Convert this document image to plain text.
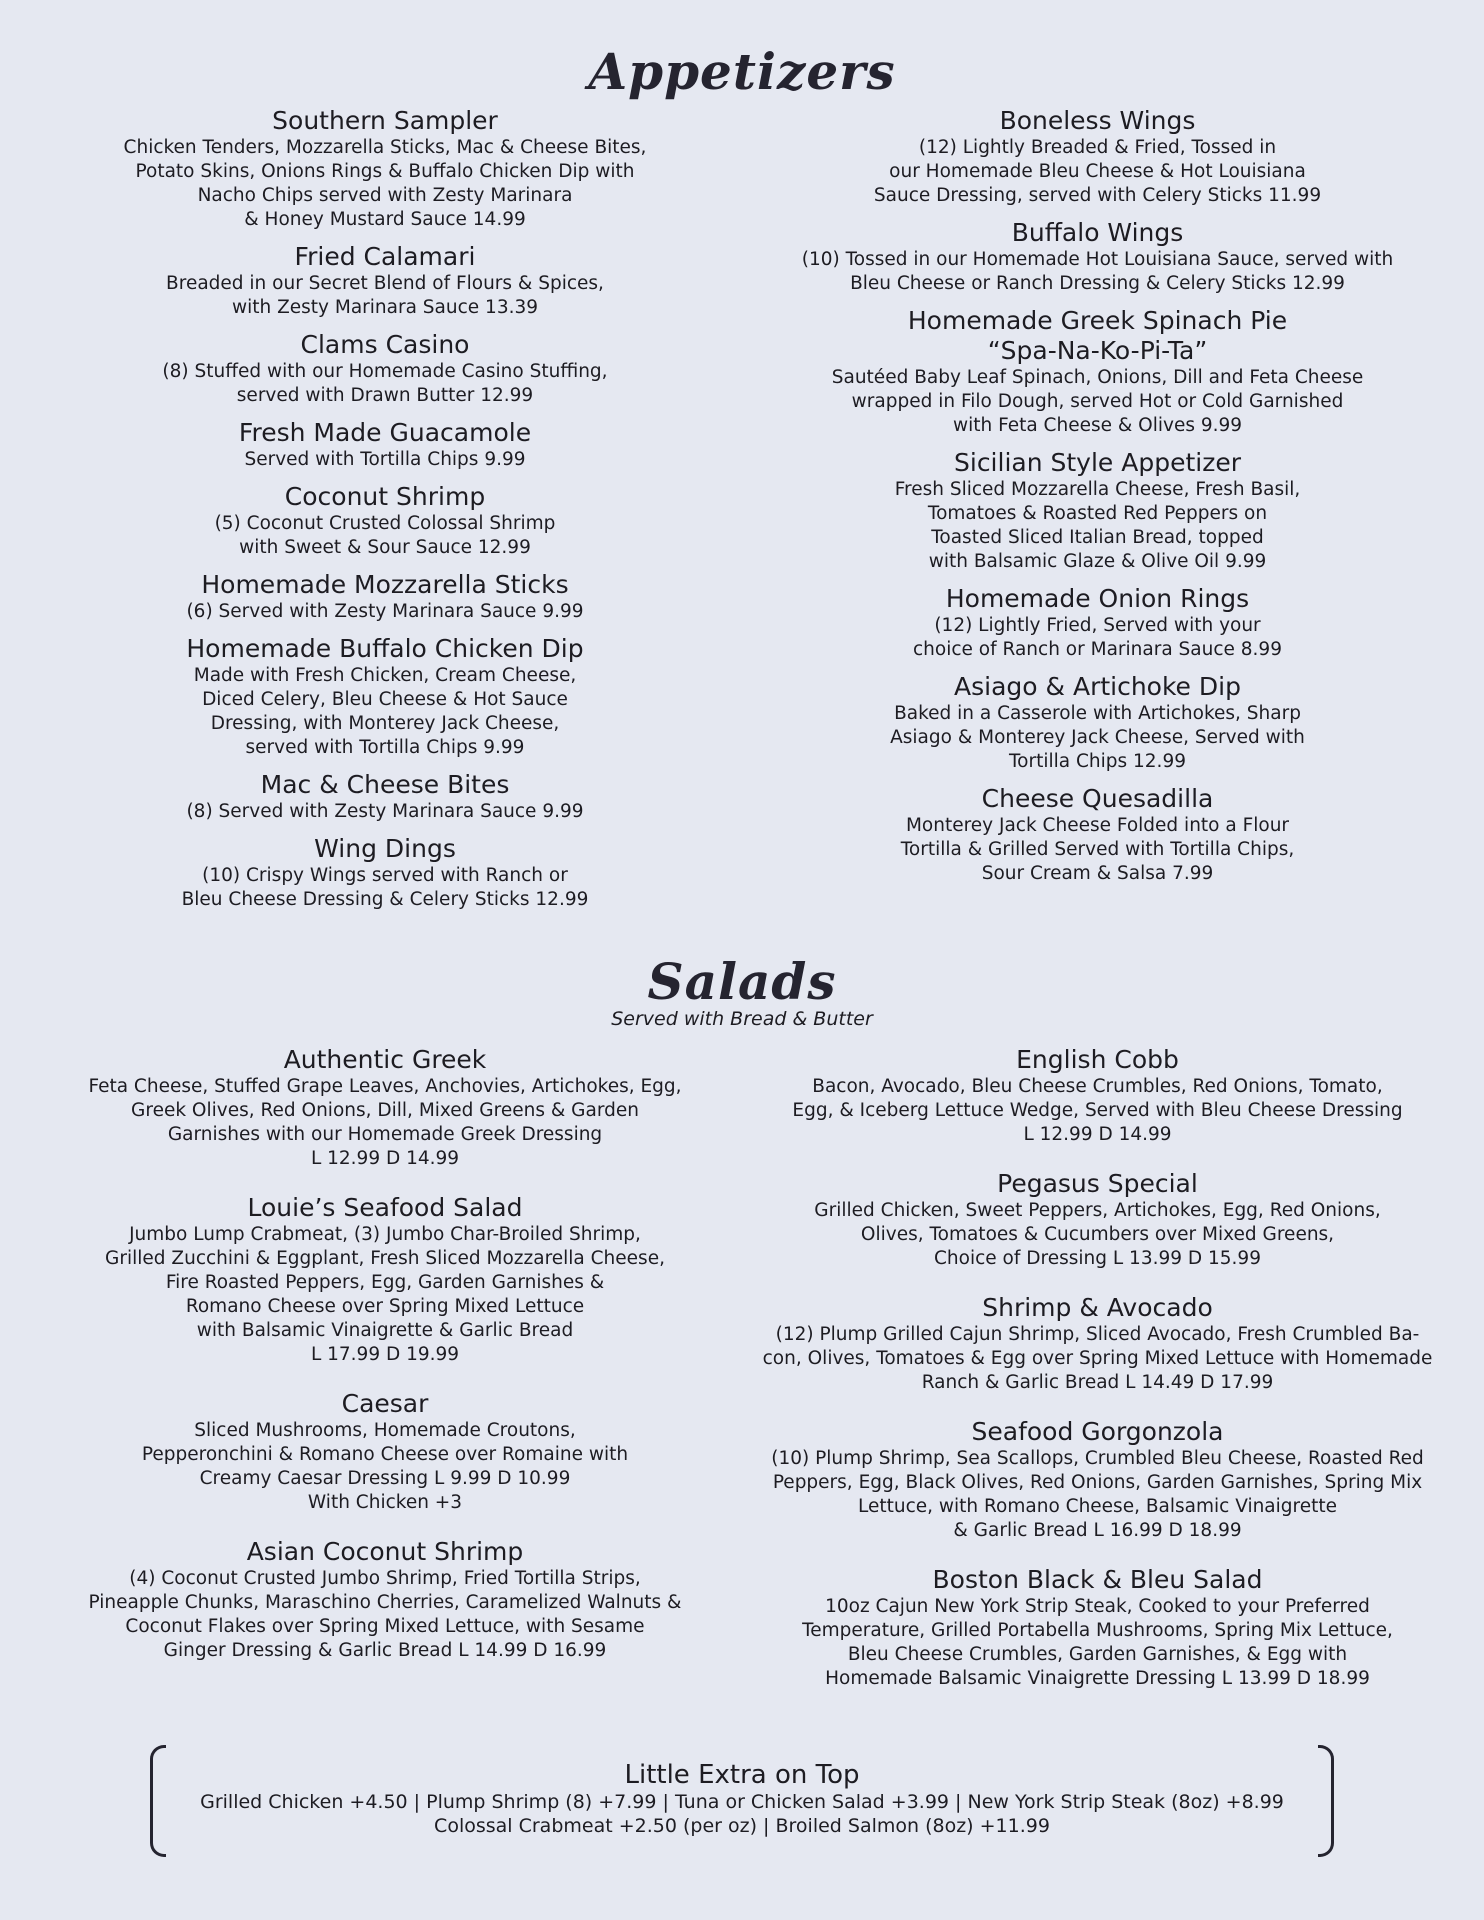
Appetizers
Southern Sampler
Chicken Tenders, Mozzarella Sticks, Mac & Cheese Bites,
Potato Skins, Onions Rings & Buffalo Chicken Dip with
Nacho Chips served with Zesty Marinara
& Honey Mustard Sauce 14.99
Fried Calamari
Breaded in our Secret Blend of Flours & Spices,
with Zesty Marinara Sauce 13.39
Clams Casino
(8) Stuffed with our Homemade Casino Stuffing,
served with Drawn Butter 12.99
Fresh Made Guacamole
Served with Tortilla Chips 9.99
Coconut Shrimp
(5) Coconut Crusted Colossal Shrimp
with Sweet & Sour Sauce 12.99
Homemade Mozzarella Sticks
(6) Served with Zesty Marinara Sauce 9.99
Homemade Buffalo Chicken Dip
Made with Fresh Chicken, Cream Cheese,
Diced Celery, Bleu Cheese & Hot Sauce
Dressing, with Monterey Jack Cheese,
served with Tortilla Chips 9.99
Mac & Cheese Bites
(8) Served with Zesty Marinara Sauce 9.99
Wing Dings
(10) Crispy Wings served with Ranch or
Bleu Cheese Dressing & Celery Sticks 12.99
Boneless Wings
(12) Lightly Breaded & Fried, Tossed in
our Homemade Bleu Cheese & Hot Louisiana
Sauce Dressing, served with Celery Sticks 11.99
Buffalo Wings
(10) Tossed in our Homemade Hot Louisiana Sauce, served with
Bleu Cheese or Ranch Dressing & Celery Sticks 12.99
Homemade Greek Spinach Pie
“Spa-Na-Ko-Pi-Ta”
Sautéed Baby Leaf Spinach, Onions, Dill and Feta Cheese
wrapped in Filo Dough, served Hot or Cold Garnished
with Feta Cheese & Olives 9.99
Sicilian Style Appetizer
Fresh Sliced Mozzarella Cheese, Fresh Basil,
Tomatoes & Roasted Red Peppers on
Toasted Sliced Italian Bread, topped
with Balsamic Glaze & Olive Oil 9.99
Homemade Onion Rings
(12) Lightly Fried, Served with your
choice of Ranch or Marinara Sauce 8.99
Asiago & Artichoke Dip
Baked in a Casserole with Artichokes, Sharp
Asiago & Monterey Jack Cheese, Served with
Tortilla Chips 12.99
Cheese Quesadilla
Monterey Jack Cheese Folded into a Flour
Tortilla & Grilled Served with Tortilla Chips,
Sour Cream & Salsa 7.99
Salads
Served with Bread & Butter
Authentic Greek
Feta Cheese, Stuffed Grape Leaves, Anchovies, Artichokes, Egg,
Greek Olives, Red Onions, Dill, Mixed Greens & Garden
Garnishes with our Homemade Greek Dressing
L 12.99 D 14.99
Louie’s Seafood Salad
Jumbo Lump Crabmeat, (3) Jumbo Char-Broiled Shrimp,
Grilled Zucchini & Eggplant, Fresh Sliced Mozzarella Cheese,
Fire Roasted Peppers, Egg, Garden Garnishes &
Romano Cheese over Spring Mixed Lettuce
with Balsamic Vinaigrette & Garlic Bread
L 17.99 D 19.99
Caesar
Sliced Mushrooms, Homemade Croutons,
Pepperonchini & Romano Cheese over Romaine with
Creamy Caesar Dressing L 9.99 D 10.99
With Chicken +3
Asian Coconut Shrimp
(4) Coconut Crusted Jumbo Shrimp, Fried Tortilla Strips,
Pineapple Chunks, Maraschino Cherries, Caramelized Walnuts &
Coconut Flakes over Spring Mixed Lettuce, with Sesame
Ginger Dressing & Garlic Bread L 14.99 D 16.99
English Cobb
Bacon, Avocado, Bleu Cheese Crumbles, Red Onions, Tomato,
Egg, & Iceberg Lettuce Wedge, Served with Bleu Cheese Dressing
L 12.99 D 14.99
Pegasus Special
Grilled Chicken, Sweet Peppers, Artichokes, Egg, Red Onions,
Olives, Tomatoes & Cucumbers over Mixed Greens,
Choice of Dressing L 13.99 D 15.99
Shrimp & Avocado
(12) Plump Grilled Cajun Shrimp, Sliced Avocado, Fresh Crumbled Ba-
con, Olives, Tomatoes & Egg over Spring Mixed Lettuce with Homemade
Ranch & Garlic Bread L 14.49 D 17.99
Seafood Gorgonzola
(10) Plump Shrimp, Sea Scallops, Crumbled Bleu Cheese, Roasted Red
Peppers, Egg, Black Olives, Red Onions, Garden Garnishes, Spring Mix
Lettuce, with Romano Cheese, Balsamic Vinaigrette
& Garlic Bread L 16.99 D 18.99
Boston Black & Bleu Salad
10oz Cajun New York Strip Steak, Cooked to your Preferred
Temperature, Grilled Portabella Mushrooms, Spring Mix Lettuce,
Bleu Cheese Crumbles, Garden Garnishes, & Egg with
Homemade Balsamic Vinaigrette Dressing L 13.99 D 18.99
Little Extra on Top
Grilled Chicken +4.50 | Plump Shrimp (8) +7.99 | Tuna or Chicken Salad +3.99 | New York Strip Steak (8oz) +8.99
Colossal Crabmeat +2.50 (per oz) | Broiled Salmon (8oz) +11.99
